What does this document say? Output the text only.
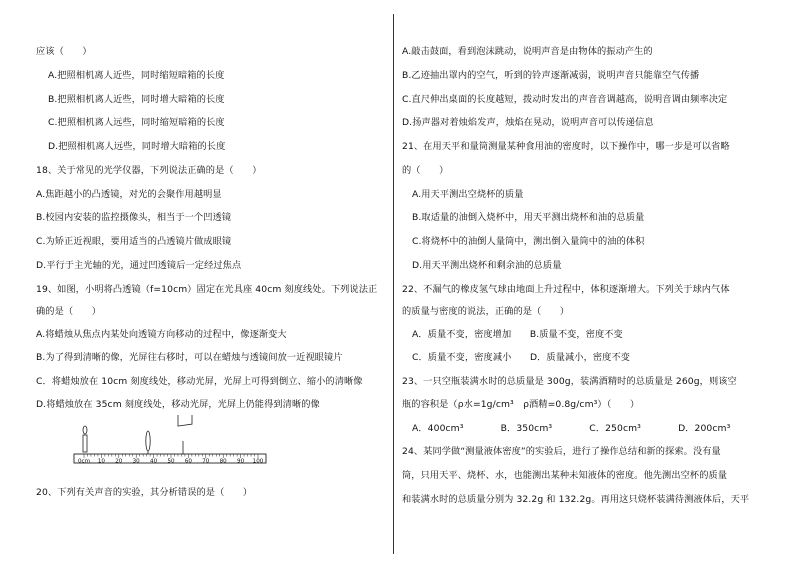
应该（　　）
A.把照相机离人近些，同时缩短暗箱的长度
B.把照相机离人近些，同时增大暗箱的长度
C.把照相机离人远些，同时缩短暗箱的长度
D.把照相机离人远些，同时增大暗箱的长度
18、关于常见的光学仪器，下列说法正确的是（　　）
A.焦距越小的凸透镜，对光的会聚作用越明显
B.校园内安装的监控摄像头，相当于一个凹透镜
C.为矫正近视眼，要用适当的凸透镜片做成眼镜
D.平行于主光轴的光，通过凹透镜后一定经过焦点
19、如图，小明将凸透镜（f=10cm）固定在光具座 40cm 刻度线处。下列说法正
确的是（　　）
A.将蜡烛从焦点内某处向透镜方向移动的过程中，像逐渐变大
B.为了得到清晰的像，光屏往右移时，可以在蜡烛与透镜间放一近视眼镜片
C．将蜡烛放在 10cm 刻度线处，移动光屏，光屏上可得到倒立、缩小的清晰像
D.将蜡烛放在 35cm 刻度线处，移动光屏，光屏上仍能得到清晰的像
0cm 10 20 30 40 50 60 70 80 90 100
20、下列有关声音的实验，其分析错误的是（　　）
A.敲击鼓面，看到泡沫跳动，说明声音是由物体的振动产生的
B.乙迹抽出罩内的空气，听到的铃声逐渐减弱，说明声音只能靠空气传播
C.直尺伸出桌面的长度越短，拨动时发出的声音音调越高，说明音调由频率决定
D.扬声器对着烛焰发声，烛焰在晃动，说明声音可以传递信息
21、在用天平和量筒测量某种食用油的密度时，以下操作中，哪一步是可以省略
的（　　）
A.用天平测出空烧杯的质量
B.取适量的油倒入烧杯中，用天平测出烧杯和油的总质量
C.将烧杯中的油倒人量筒中，测出倒入量筒中的油的体积
D.用天平测出烧杯和剩余油的总质量
22、不漏气的橡皮氢气球由地面上升过程中，体积逐渐增大。下列关于球内气体
的质量与密度的说法，正确的是（　　）
A．质量不变，密度增加　　B.质量不变，密度不变
C．质量不变，密度减小　　D．质量减小，密度不变
23、一只空瓶装满水时的总质量是 300g，装满酒精时的总质量是 260g，则该空
瓶的容积是（ρ水=1g/cm³　ρ酒精=0.8g/cm³）（　　）
A．400cm³　　　　B．350cm³　　　　C．250cm³　　　　D．200cm³
24、某同学做“测量液体密度”的实验后，进行了操作总结和新的探索。没有量
筒，只用天平、烧杯、水，也能测出某种未知液体的密度。他先测出空杯的质量
和装满水时的总质量分别为 32.2g 和 132.2g。再用这只烧杯装满待测液体后，天平
